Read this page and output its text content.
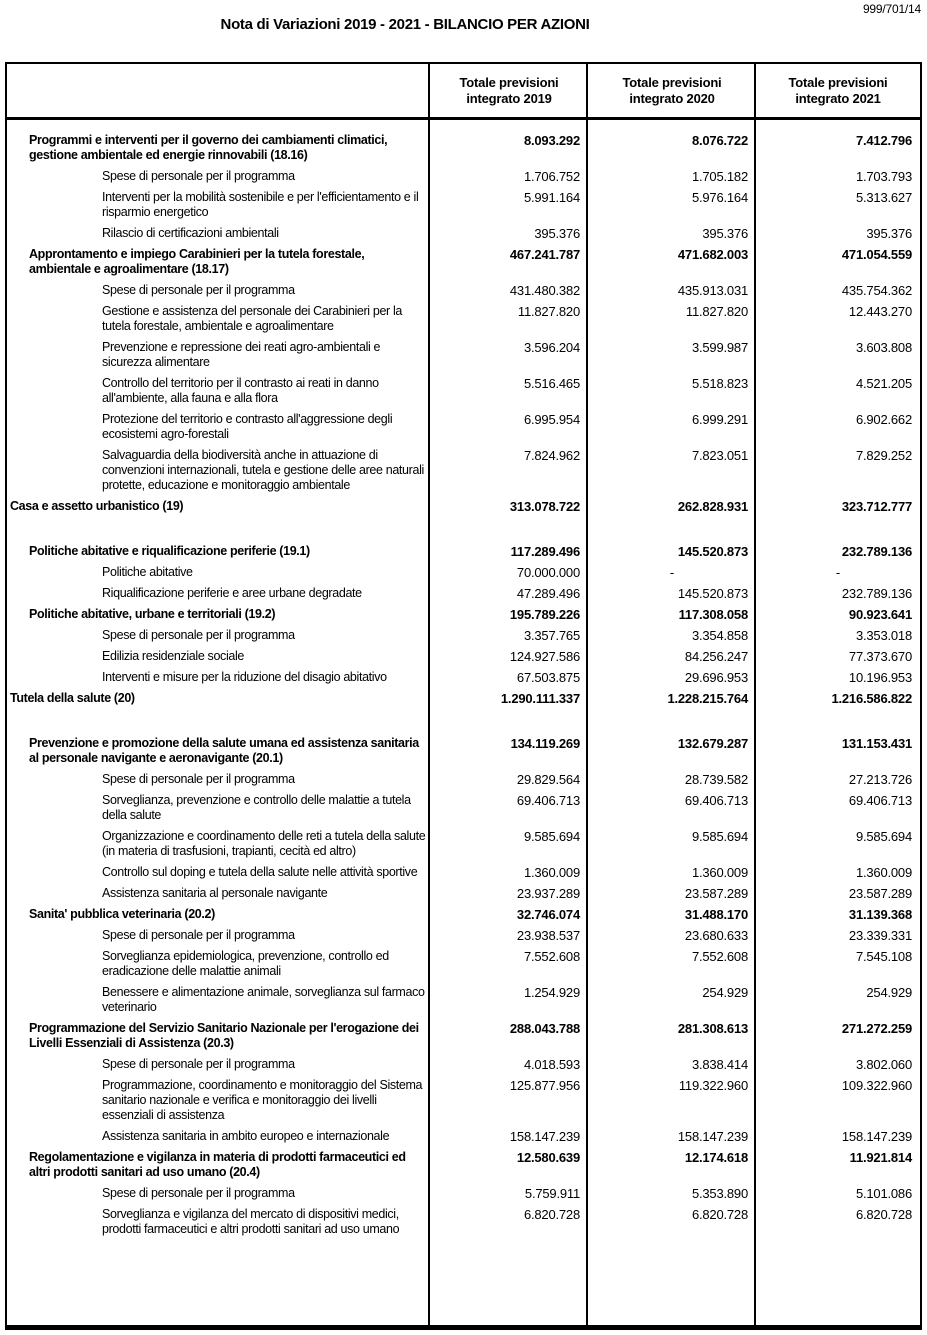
999/701/14
Nota di Variazioni 2019 - 2021 - BILANCIO PER AZIONI
Totale previsioni integrato 2019
Totale previsioni integrato 2020
Totale previsioni integrato 2021
Programmi e interventi per il governo dei cambiamenti climatici, gestione ambientale ed energie rinnovabili (18.16)
8.093.292	8.076.722	7.412.796
Spese di personale per il programma	1.706.752	1.705.182	1.703.793
Interventi per la mobilità sostenibile e per l'efficientamento e il risparmio energetico
5.991.164	5.976.164	5.313.627
Rilascio di certificazioni ambientali	395.376	395.376	395.376
Approntamento e impiego Carabinieri per la tutela forestale, ambientale e agroalimentare (18.17)
467.241.787	471.682.003	471.054.559
Spese di personale per il programma	431.480.382	435.913.031	435.754.362
Gestione e assistenza del personale dei Carabinieri per la tutela forestale, ambientale e agroalimentare
11.827.820	11.827.820	12.443.270
Prevenzione e repressione dei reati agro-ambientali e sicurezza alimentare
3.596.204	3.599.987	3.603.808
Controllo del territorio per il contrasto ai reati in danno all'ambiente, alla fauna e alla flora
5.516.465	5.518.823	4.521.205
Protezione del territorio e contrasto all'aggressione degli ecosistemi agro-forestali
6.995.954	6.999.291	6.902.662
Salvaguardia della biodiversità anche in attuazione di convenzioni internazionali, tutela e gestione delle aree naturali protette, educazione e monitoraggio ambientale
7.824.962	7.823.051	7.829.252
Casa e assetto urbanistico (19)	313.078.722	262.828.931	323.712.777
Politiche abitative e riqualificazione periferie (19.1)	117.289.496	145.520.873	232.789.136
Politiche abitative	70.000.000	-	-
Riqualificazione periferie e aree urbane degradate	47.289.496	145.520.873	232.789.136
Politiche abitative, urbane e territoriali (19.2)	195.789.226	117.308.058	90.923.641
Spese di personale per il programma	3.357.765	3.354.858	3.353.018
Edilizia residenziale sociale	124.927.586	84.256.247	77.373.670
Interventi e misure per la riduzione del disagio abitativo	67.503.875	29.696.953	10.196.953
Tutela della salute (20)	1.290.111.337	1.228.215.764	1.216.586.822
Prevenzione e promozione della salute umana ed assistenza sanitaria al personale navigante e aeronavigante (20.1)
134.119.269	132.679.287	131.153.431
Spese di personale per il programma	29.829.564	28.739.582	27.213.726
Sorveglianza, prevenzione e controllo delle malattie a tutela della salute
69.406.713	69.406.713	69.406.713
Organizzazione e coordinamento delle reti a tutela della salute (in materia di trasfusioni, trapianti, cecità ed altro)
9.585.694	9.585.694	9.585.694
Controllo sul doping e tutela della salute nelle attività sportive	1.360.009	1.360.009	1.360.009
Assistenza sanitaria al personale navigante	23.937.289	23.587.289	23.587.289
Sanita' pubblica veterinaria (20.2)	32.746.074	31.488.170	31.139.368
Spese di personale per il programma	23.938.537	23.680.633	23.339.331
Sorveglianza epidemiologica, prevenzione, controllo ed eradicazione delle malattie animali
7.552.608	7.552.608	7.545.108
Benessere e alimentazione animale, sorveglianza sul farmaco veterinario
1.254.929	254.929	254.929
Programmazione del Servizio Sanitario Nazionale per l'erogazione dei Livelli Essenziali di Assistenza (20.3)
288.043.788	281.308.613	271.272.259
Spese di personale per il programma	4.018.593	3.838.414	3.802.060
Programmazione, coordinamento e monitoraggio del Sistema sanitario nazionale e verifica e monitoraggio dei livelli essenziali di assistenza
125.877.956	119.322.960	109.322.960
Assistenza sanitaria in ambito europeo e internazionale	158.147.239	158.147.239	158.147.239
Regolamentazione e vigilanza in materia di prodotti farmaceutici ed altri prodotti sanitari ad uso umano (20.4)
12.580.639	12.174.618	11.921.814
Spese di personale per il programma	5.759.911	5.353.890	5.101.086
Sorveglianza e vigilanza del mercato di dispositivi medici, prodotti farmaceutici e altri prodotti sanitari ad uso umano
6.820.728	6.820.728	6.820.728
